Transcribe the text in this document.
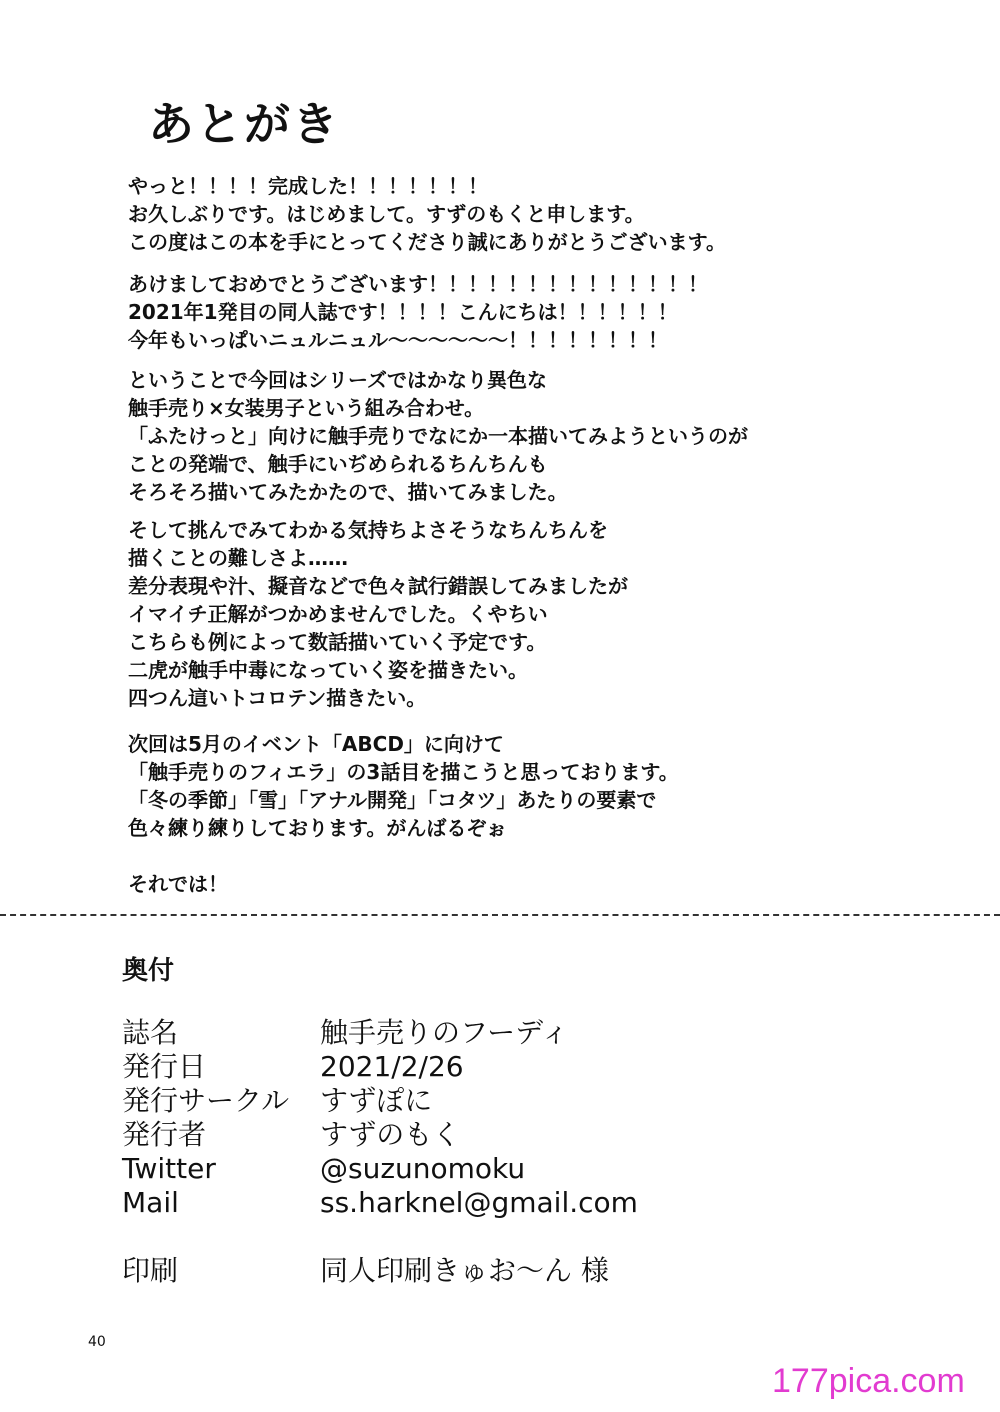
あとがき
やっと！！！！完成した！！！！！！！
お久しぶりです。はじめまして。すずのもくと申します。
この度はこの本を手にとってくださり誠にありがとうございます。
あけましておめでとうございます！！！！！！！！！！！！！！
2021年1発目の同人誌です！！！！こんにちは！！！！！！
今年もいっぱいニュルニュル〜〜〜〜〜〜！！！！！！！！
ということで今回はシリーズではかなり異色な
触手売り×女装男子という組み合わせ。
「ふたけっと」向けに触手売りでなにか一本描いてみようというのが
ことの発端で、触手にいぢめられるちんちんも
そろそろ描いてみたかたので、描いてみました。
そして挑んでみてわかる気持ちよさそうなちんちんを
描くことの難しさよ……
差分表現や汁、擬音などで色々試行錯誤してみましたが
イマイチ正解がつかめませんでした。くやちい
こちらも例によって数話描いていく予定です。
二虎が触手中毒になっていく姿を描きたい。
四つん這いトコロテン描きたい。
次回は5月のイベント「ABCD」に向けて
「触手売りのフィエラ」の3話目を描こうと思っております。
「冬の季節」「雪」「アナル開発」「コタツ」あたりの要素で
色々練り練りしております。がんばるぞぉ
それでは！
奥付
誌名	触手売りのフーディ
発行日	2021/2/26
発行サークル すずぽに
発行者	すずのもく
Twitter	@suzunomoku
Mail	ss.harknel@gmail.com
印刷	同人印刷きゅお〜ん 様
40
177pica.com
